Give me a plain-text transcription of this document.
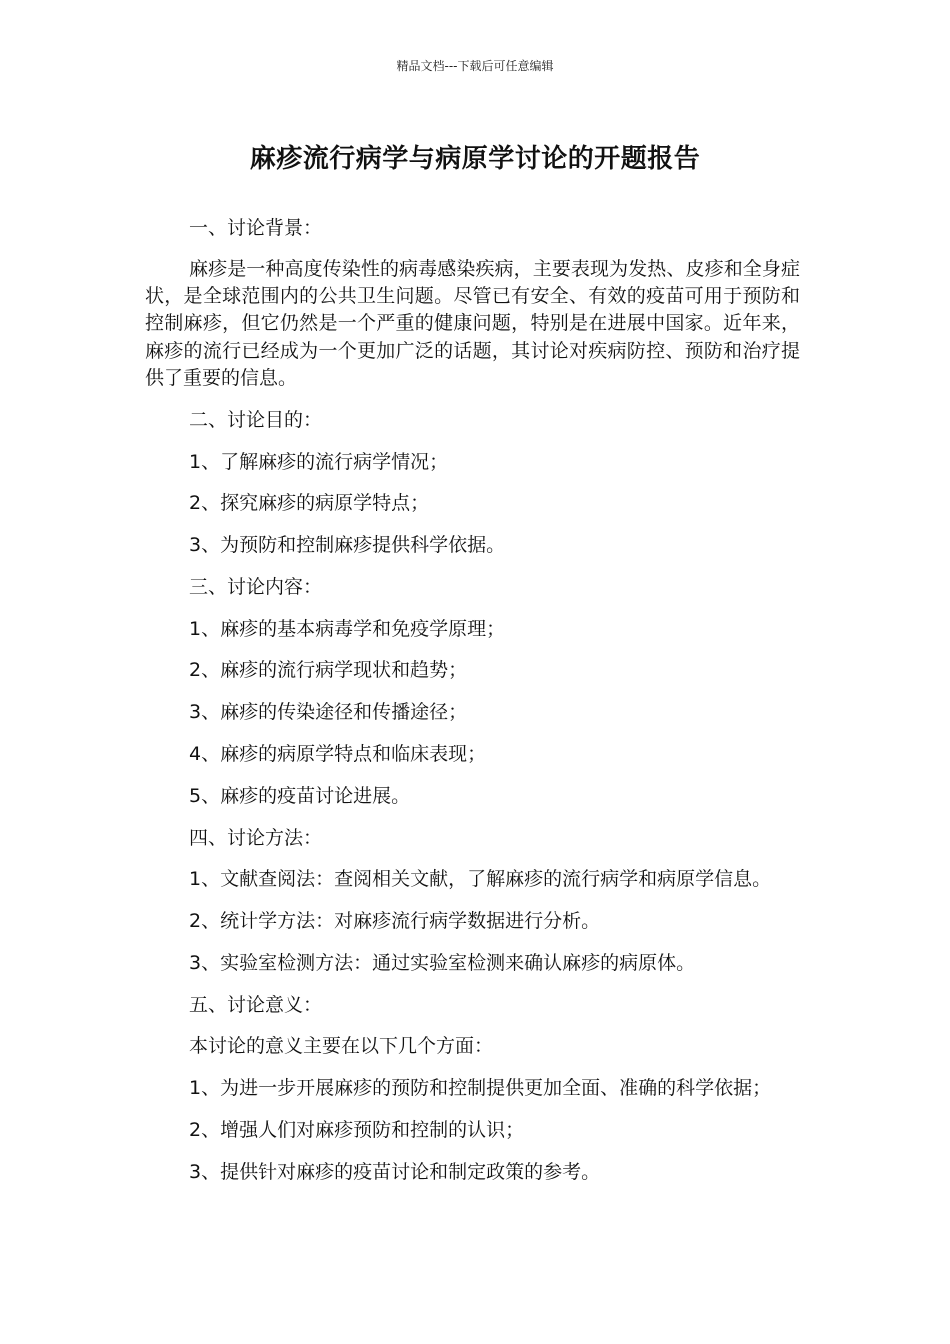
精品文档---下载后可任意编辑
麻疹流行病学与病原学讨论的开题报告
一、讨论背景：
麻疹是一种高度传染性的病毒感染疾病，主要表现为发热、皮疹和全身症状，是全球范围内的公共卫生问题。尽管已有安全、有效的疫苗可用于预防和控制麻疹，但它仍然是一个严重的健康问题，特别是在进展中国家。近年来，麻疹的流行已经成为一个更加广泛的话题，其讨论对疾病防控、预防和治疗提供了重要的信息。
二、讨论目的：
1、了解麻疹的流行病学情况；
2、探究麻疹的病原学特点；
3、为预防和控制麻疹提供科学依据。
三、讨论内容：
1、麻疹的基本病毒学和免疫学原理；
2、麻疹的流行病学现状和趋势；
3、麻疹的传染途径和传播途径；
4、麻疹的病原学特点和临床表现；
5、麻疹的疫苗讨论进展。
四、讨论方法：
1、文献查阅法：查阅相关文献，了解麻疹的流行病学和病原学信息。
2、统计学方法：对麻疹流行病学数据进行分析。
3、实验室检测方法：通过实验室检测来确认麻疹的病原体。
五、讨论意义：
本讨论的意义主要在以下几个方面：
1、为进一步开展麻疹的预防和控制提供更加全面、准确的科学依据；
2、增强人们对麻疹预防和控制的认识；
3、提供针对麻疹的疫苗讨论和制定政策的参考。
